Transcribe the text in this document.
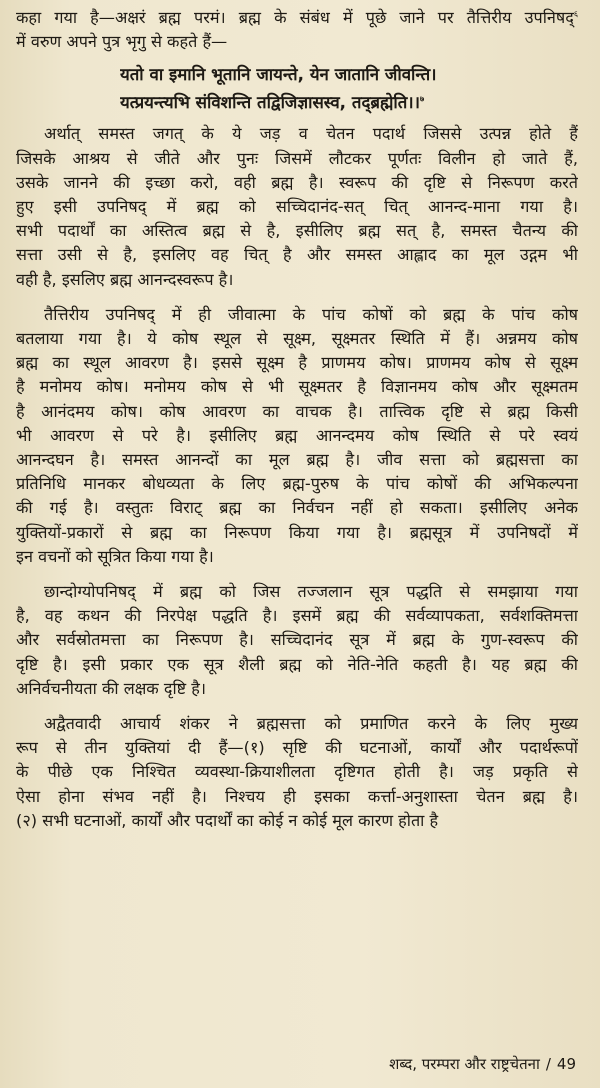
कहा गया है—अक्षरं ब्रह्म परमं। ब्रह्म के संबंध में पूछे जाने पर तैत्तिरीय उपनिषद्$^६$

में वरुण अपने पुत्र भृगु से कहते हैं—

यतो वा इमानि भूतानि जायन्ते, येन जातानि जीवन्ति।

यत्प्रयन्त्यभि संविशन्ति तद्विजिज्ञासस्व, तद्ब्रह्मेति।।$^७$

अर्थात् समस्त जगत् के ये जड़ व चेतन पदार्थ जिससे उत्पन्न होते हैं

जिसके आश्रय से जीते और पुनः जिसमें लौटकर पूर्णतः विलीन हो जाते हैं,

उसके जानने की इच्छा करो, वही ब्रह्म है। स्वरूप की दृष्टि से निरूपण करते

हुए इसी उपनिषद् में ब्रह्म को सच्चिदानंद-सत् चित् आनन्द-माना गया है।

सभी पदार्थों का अस्तित्व ब्रह्म से है, इसीलिए ब्रह्म सत् है, समस्त चैतन्य की

सत्ता उसी से है, इसलिए वह चित् है और समस्त आह्लाद का मूल उद्गम भी

वही है, इसलिए ब्रह्म आनन्दस्वरूप है।

तैत्तिरीय उपनिषद् में ही जीवात्मा के पांच कोषों को ब्रह्म के पांच कोष

बतलाया गया है। ये कोष स्थूल से सूक्ष्म, सूक्ष्मतर स्थिति में हैं। अन्नमय कोष

ब्रह्म का स्थूल आवरण है। इससे सूक्ष्म है प्राणमय कोष। प्राणमय कोष से सूक्ष्म

है मनोमय कोष। मनोमय कोष से भी सूक्ष्मतर है विज्ञानमय कोष और सूक्ष्मतम

है आनंदमय कोष। कोष आवरण का वाचक है। तात्त्विक दृष्टि से ब्रह्म किसी

भी आवरण से परे है। इसीलिए ब्रह्म आनन्दमय कोष स्थिति से परे स्वयं

आनन्दघन है। समस्त आनन्दों का मूल ब्रह्म है। जीव सत्ता को ब्रह्मसत्ता का

प्रतिनिधि मानकर बोधव्यता के लिए ब्रह्म-पुरुष के पांच कोषों की अभिकल्पना

की गई है। वस्तुतः विराट् ब्रह्म का निर्वचन नहीं हो सकता। इसीलिए अनेक

युक्तियों-प्रकारों से ब्रह्म का निरूपण किया गया है। ब्रह्मसूत्र में उपनिषदों में

इन वचनों को सूत्रित किया गया है।

छान्दोग्योपनिषद् में ब्रह्म को जिस तज्जलान सूत्र पद्धति से समझाया गया

है, वह कथन की निरपेक्ष पद्धति है। इसमें ब्रह्म की सर्वव्यापकता, सर्वशक्तिमत्ता

और सर्वस्रोतमत्ता का निरूपण है। सच्चिदानंद सूत्र में ब्रह्म के गुण-स्वरूप की

दृष्टि है। इसी प्रकार एक सूत्र शैली ब्रह्म को नेति-नेति कहती है। यह ब्रह्म की

अनिर्वचनीयता की लक्षक दृष्टि है।

अद्वैतवादी आचार्य शंकर ने ब्रह्मसत्ता को प्रमाणित करने के लिए मुख्य

रूप से तीन युक्तियां दी हैं—(१) सृष्टि की घटनाओं, कार्यों और पदार्थरूपों

के पीछे एक निश्चित व्यवस्था-क्रियाशीलता दृष्टिगत होती है। जड़ प्रकृति से

ऐसा होना संभव नहीं है। निश्चय ही इसका कर्त्ता-अनुशास्ता चेतन ब्रह्म है।

(२) सभी घटनाओं, कार्यों और पदार्थों का कोई न कोई मूल कारण होता है

शब्द, परम्परा और राष्ट्रचेतना / 49
